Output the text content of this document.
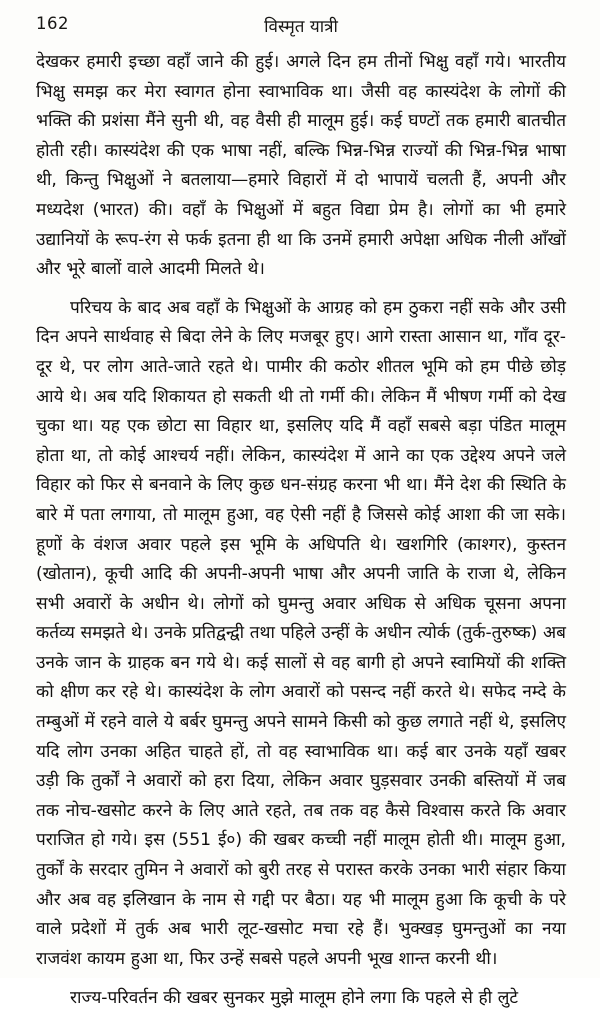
162	विस्मृत यात्री

देखकर हमारी इच्छा वहाँ जाने की हुई। अगले दिन हम तीनों भिक्षु वहाँ गये। भारतीय भिक्षु समझ कर मेरा स्वागत होना स्वाभाविक था। जैसी वह कास्यंदेश के लोगों की भक्ति की प्रशंसा मैंने सुनी थी, वह वैसी ही मालूम हुई। कई घण्टों तक हमारी बातचीत होती रही। कास्यंदेश की एक भाषा नहीं, बल्कि भिन्न-भिन्न राज्यों की भिन्न-भिन्न भाषा थी, किन्तु भिक्षुओं ने बतलाया—हमारे विहारों में दो भापायें चलती हैं, अपनी और मध्यदेश (भारत) की। वहाँ के भिक्षुओं में बहुत विद्या प्रेम है। लोगों का भी हमारे उद्यानियों के रूप-रंग से फर्क इतना ही था कि उनमें हमारी अपेक्षा अधिक नीली आँखों और भूरे बालों वाले आदमी मिलते थे।

परिचय के बाद अब वहाँ के भिक्षुओं के आग्रह को हम ठुकरा नहीं सके और उसी दिन अपने सार्थवाह से बिदा लेने के लिए मजबूर हुए। आगे रास्ता आसान था, गाँव दूर-दूर थे, पर लोग आते-जाते रहते थे। पामीर की कठोर शीतल भूमि को हम पीछे छोड़ आये थे। अब यदि शिकायत हो सकती थी तो गर्मी की। लेकिन मैं भीषण गर्मी को देख चुका था। यह एक छोटा सा विहार था, इसलिए यदि मैं वहाँ सबसे बड़ा पंडित मालूम होता था, तो कोई आश्चर्य नहीं। लेकिन, कास्यंदेश में आने का एक उद्देश्य अपने जले विहार को फिर से बनवाने के लिए कुछ धन-संग्रह करना भी था। मैंने देश की स्थिति के बारे में पता लगाया, तो मालूम हुआ, वह ऐसी नहीं है जिससे कोई आशा की जा सके। हूणों के वंशज अवार पहले इस भूमि के अधिपति थे। खशगिरि (काश्गर), कुस्तन (खोतान), कूची आदि की अपनी-अपनी भाषा और अपनी जाति के राजा थे, लेकिन सभी अवारों के अधीन थे। लोगों को घुमन्तु अवार अधिक से अधिक चूसना अपना कर्तव्य समझते थे। उनके प्रतिद्वन्द्वी तथा पहिले उन्हीं के अधीन त्योर्क (तुर्क-तुरुष्क) अब उनके जान के ग्राहक बन गये थे। कई सालों से वह बागी हो अपने स्वामियों की शक्ति को क्षीण कर रहे थे। कास्यंदेश के लोग अवारों को पसन्द नहीं करते थे। सफेद नम्दे के तम्बुओं में रहने वाले ये बर्बर घुमन्तु अपने सामने किसी को कुछ लगाते नहीं थे, इसलिए यदि लोग उनका अहित चाहते हों, तो वह स्वाभाविक था। कई बार उनके यहाँ खबर उड़ी कि तुर्कों ने अवारों को हरा दिया, लेकिन अवार घुड़सवार उनकी बस्तियों में जब तक नोच-खसोट करने के लिए आते रहते, तब तक वह कैसे विश्वास करते कि अवार पराजित हो गये। इस (551 ई०) की खबर कच्ची नहीं मालूम होती थी। मालूम हुआ, तुर्कों के सरदार तुमिन ने अवारों को बुरी तरह से परास्त करके उनका भारी संहार किया और अब वह इलिखान के नाम से गद्दी पर बैठा। यह भी मालूम हुआ कि कूची के परे वाले प्रदेशों में तुर्क अब भारी लूट-खसोट मचा रहे हैं। भुक्खड़ घुमन्तुओं का नया राजवंश कायम हुआ था, फिर उन्हें सबसे पहले अपनी भूख शान्त करनी थी।

राज्य-परिवर्तन की खबर सुनकर मुझे मालूम होने लगा कि पहले से ही लुटे
